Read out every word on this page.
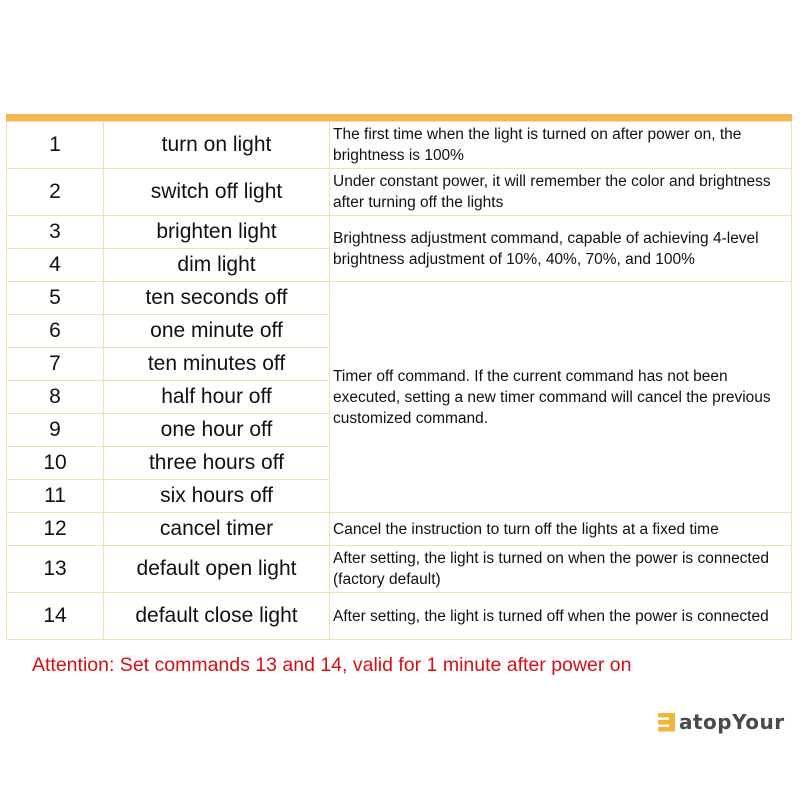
1	turn on light	The first time when the light is turned on after power on, the brightness is 100%
2	switch off light	Under constant power, it will remember the color and brightness after turning off the lights
3	brighten light	Brightness adjustment command, capable of achieving 4-level brightness adjustment of 10%, 40%, 70%, and 100%
4	dim light	
5	ten seconds off	Timer off command. If the current command has not been executed, setting a new timer command will cancel the previous customized command.
6	one minute off	
7	ten minutes off	
8	half hour off	
9	one hour off	
10	three hours off	
11	six hours off	
12	cancel timer	Cancel the instruction to turn off the lights at a fixed time
13	default open light	After setting, the light is turned on when the power is connected (factory default)
14	default close light	After setting, the light is turned off when the power is connected
Attention: Set commands 13 and 14, valid for 1 minute after power on
atopYour
